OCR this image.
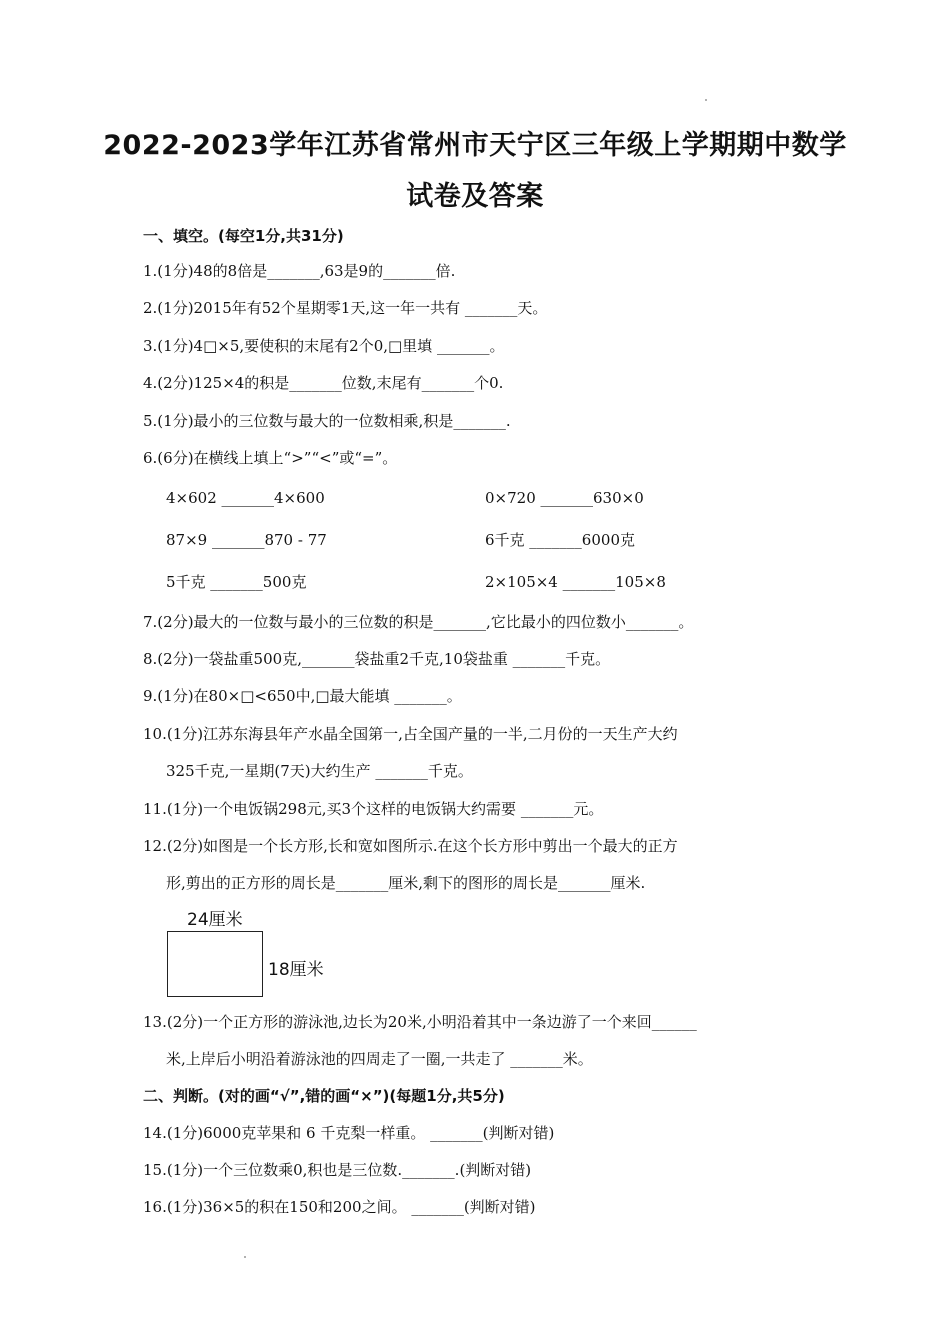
2022-2023学年江苏省常州市天宁区三年级上学期期中数学
试卷及答案
一、填空。(每空1分,共31分)
1.(1分)48的8倍是_______,63是9的_______倍.
2.(1分)2015年有52个星期零1天,这一年一共有 _______天。
3.(1分)4□×5,要使积的末尾有2个0,□里填 _______。
4.(2分)125×4的积是_______位数,末尾有_______个0.
5.(1分)最小的三位数与最大的一位数相乘,积是_______.
6.(6分)在横线上填上“>”“<”或“=”。
4×602 _______4×600	0×720 _______630×0
87×9 _______870 - 77	6千克 _______6000克
5千克 _______500克	2×105×4 _______105×8
7.(2分)最大的一位数与最小的三位数的积是_______,它比最小的四位数小_______。
8.(2分)一袋盐重500克,_______袋盐重2千克,10袋盐重 _______千克。
9.(1分)在80×□<650中,□最大能填 _______。
10.(1分)江苏东海县年产水晶全国第一,占全国产量的一半,二月份的一天生产大约
325千克,一星期(7天)大约生产 _______千克。
11.(1分)一个电饭锅298元,买3个这样的电饭锅大约需要 _______元。
12.(2分)如图是一个长方形,长和宽如图所示.在这个长方形中剪出一个最大的正方
形,剪出的正方形的周长是_______厘米,剩下的图形的周长是_______厘米.
24厘米
18厘米
13.(2分)一个正方形的游泳池,边长为20米,小明沿着其中一条边游了一个来回______
米,上岸后小明沿着游泳池的四周走了一圈,一共走了 _______米。
二、判断。(对的画“√”,错的画“×”)(每题1分,共5分)
14.(1分)6000克苹果和 6 千克梨一样重。 _______(判断对错)
15.(1分)一个三位数乘0,积也是三位数._______.(判断对错)
16.(1分)36×5的积在150和200之间。 _______(判断对错)
